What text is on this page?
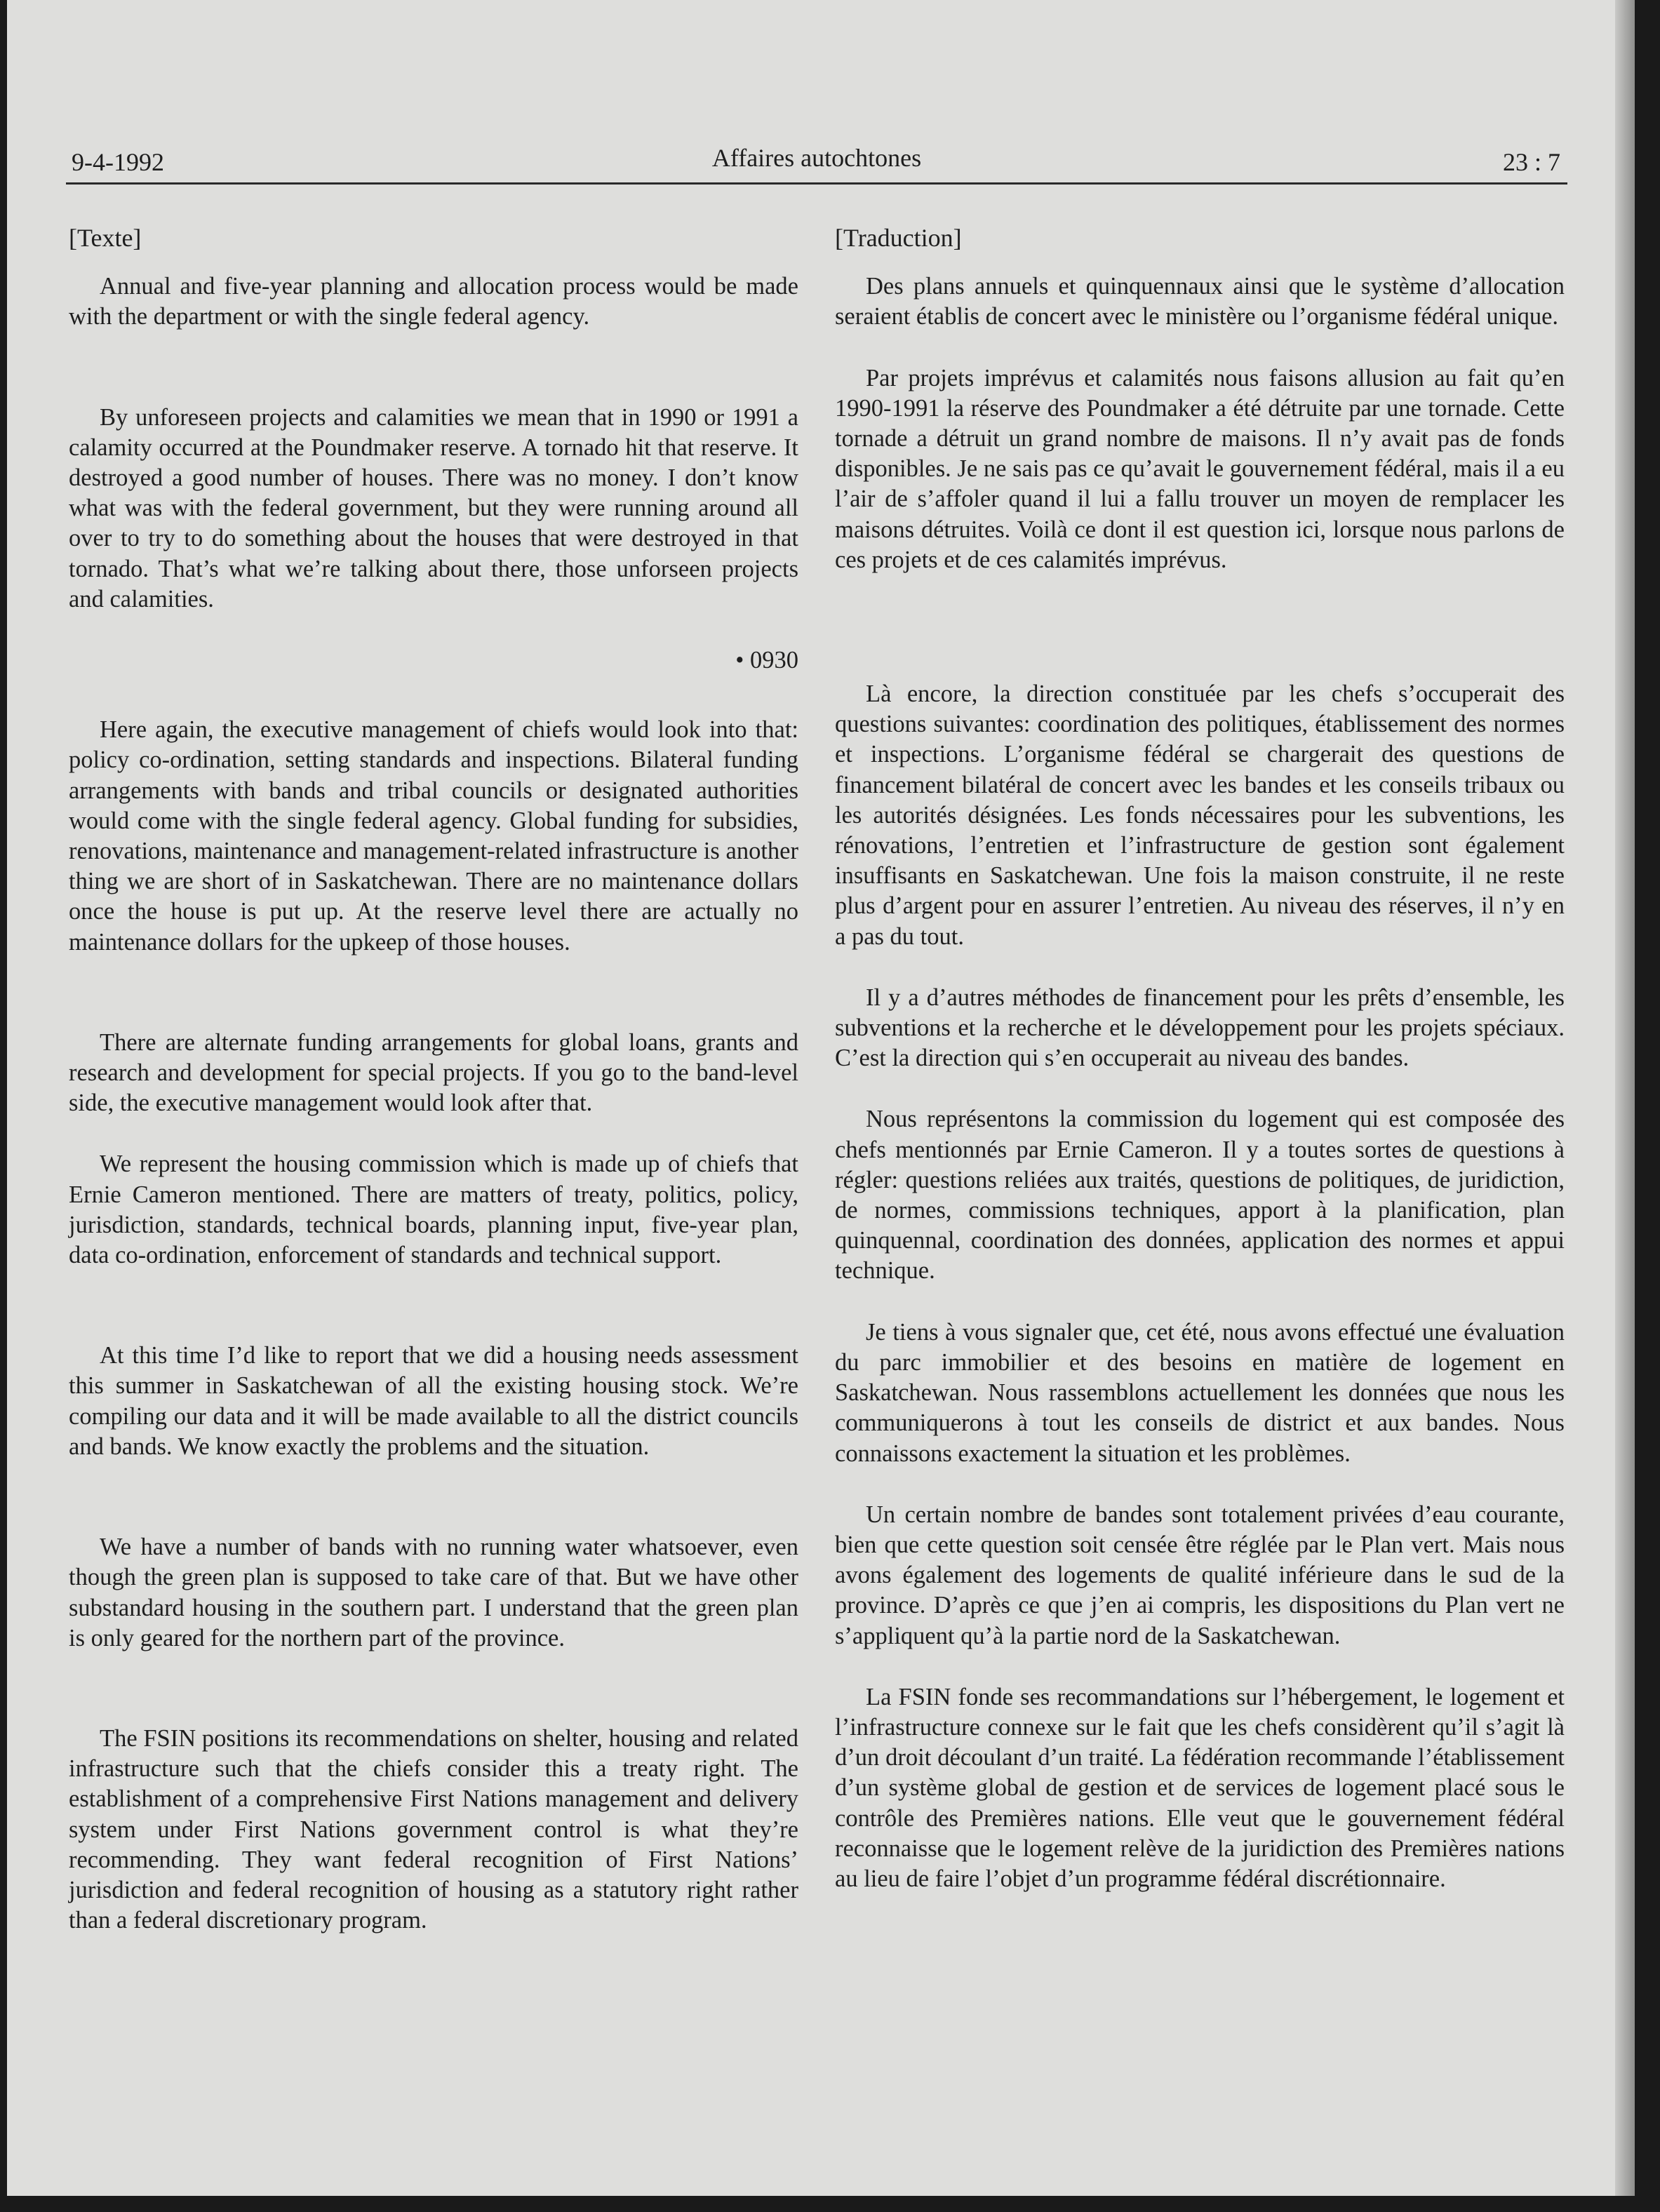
9-4-1992	Affaires autochtones	23 : 7

[Texte]

Annual and five-year planning and allocation process would be made with the department or with the single federal agency.

By unforeseen projects and calamities we mean that in 1990 or 1991 a calamity occurred at the Poundmaker reserve. A tornado hit that reserve. It destroyed a good number of houses. There was no money. I don’t know what was with the federal government, but they were running around all over to try to do something about the houses that were destroyed in that tornado. That’s what we’re talking about there, those unforseen projects and calamities.

• 0930

Here again, the executive management of chiefs would look into that: policy co-ordination, setting standards and inspections. Bilateral funding arrangements with bands and tribal councils or designated authorities would come with the single federal agency. Global funding for subsidies, renovations, maintenance and management-related infrastructure is another thing we are short of in Saskatchewan. There are no maintenance dollars once the house is put up. At the reserve level there are actually no maintenance dollars for the upkeep of those houses.

There are alternate funding arrangements for global loans, grants and research and development for special projects. If you go to the band-level side, the executive management would look after that.

We represent the housing commission which is made up of chiefs that Ernie Cameron mentioned. There are matters of treaty, politics, policy, jurisdiction, standards, technical boards, planning input, five-year plan, data co-ordination, enforcement of standards and technical support.

At this time I’d like to report that we did a housing needs assessment this summer in Saskatchewan of all the existing housing stock. We’re compiling our data and it will be made available to all the district councils and bands. We know exactly the problems and the situation.

We have a number of bands with no running water whatsoever, even though the green plan is supposed to take care of that. But we have other substandard housing in the southern part. I understand that the green plan is only geared for the northern part of the province.

The FSIN positions its recommendations on shelter, housing and related infrastructure such that the chiefs consider this a treaty right. The establishment of a comprehensive First Nations management and delivery system under First Nations government control is what they’re recommending. They want federal recognition of First Nations’ jurisdiction and federal recognition of housing as a statutory right rather than a federal discretionary program.

[Traduction]

Des plans annuels et quinquennaux ainsi que le système d’allocation seraient établis de concert avec le ministère ou l’organisme fédéral unique.

Par projets imprévus et calamités nous faisons allusion au fait qu’en 1990-1991 la réserve des Poundmaker a été détruite par une tornade. Cette tornade a détruit un grand nombre de maisons. Il n’y avait pas de fonds disponibles. Je ne sais pas ce qu’avait le gouvernement fédéral, mais il a eu l’air de s’affoler quand il lui a fallu trouver un moyen de remplacer les maisons détruites. Voilà ce dont il est question ici, lorsque nous parlons de ces projets et de ces calamités imprévus.

Là encore, la direction constituée par les chefs s’occuperait des questions suivantes: coordination des politiques, établissement des normes et inspections. L’organisme fédéral se chargerait des questions de financement bilatéral de concert avec les bandes et les conseils tribaux ou les autorités désignées. Les fonds nécessaires pour les subventions, les rénovations, l’entretien et l’infrastructure de gestion sont également insuffisants en Saskatchewan. Une fois la maison construite, il ne reste plus d’argent pour en assurer l’entretien. Au niveau des réserves, il n’y en a pas du tout.

Il y a d’autres méthodes de financement pour les prêts d’ensemble, les subventions et la recherche et le développement pour les projets spéciaux. C’est la direction qui s’en occuperait au niveau des bandes.

Nous représentons la commission du logement qui est composée des chefs mentionnés par Ernie Cameron. Il y a toutes sortes de questions à régler: questions reliées aux traités, questions de politiques, de juridiction, de normes, commissions techniques, apport à la planification, plan quinquennal, coordination des données, application des normes et appui technique.

Je tiens à vous signaler que, cet été, nous avons effectué une évaluation du parc immobilier et des besoins en matière de logement en Saskatchewan. Nous rassemblons actuellement les données que nous les communiquerons à tout les conseils de district et aux bandes. Nous connaissons exactement la situation et les problèmes.

Un certain nombre de bandes sont totalement privées d’eau courante, bien que cette question soit censée être réglée par le Plan vert. Mais nous avons également des logements de qualité inférieure dans le sud de la province. D’après ce que j’en ai compris, les dispositions du Plan vert ne s’appliquent qu’à la partie nord de la Saskatchewan.

La FSIN fonde ses recommandations sur l’hébergement, le logement et l’infrastructure connexe sur le fait que les chefs considèrent qu’il s’agit là d’un droit découlant d’un traité. La fédération recommande l’établissement d’un système global de gestion et de services de logement placé sous le contrôle des Premières nations. Elle veut que le gouvernement fédéral reconnaisse que le logement relève de la juridiction des Premières nations au lieu de faire l’objet d’un programme fédéral discrétionnaire.
